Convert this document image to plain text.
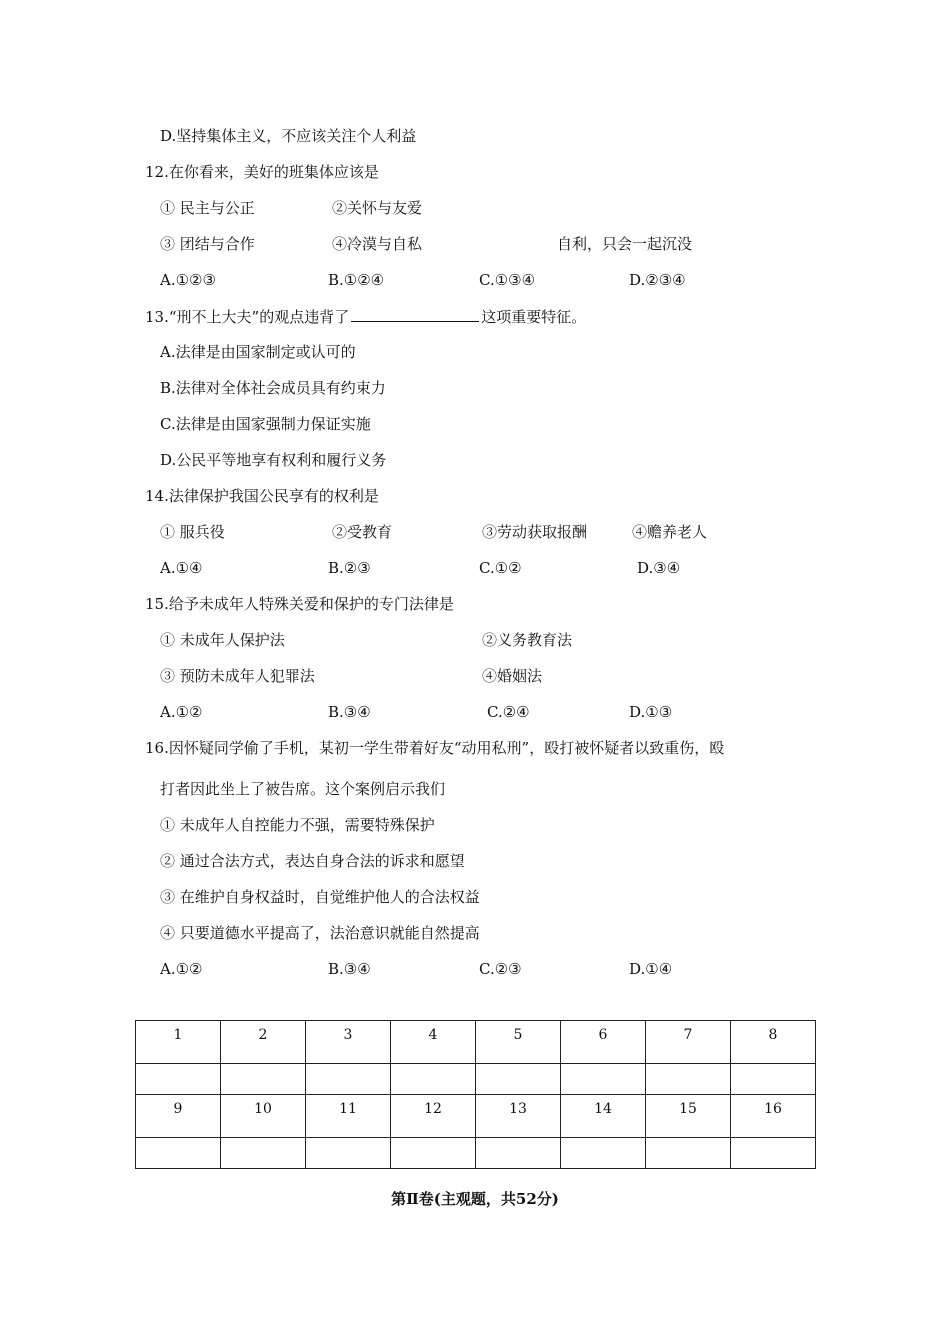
D.坚持集体主义，不应该关注个人利益
12.在你看来，美好的班集体应该是
① 民主与公正	②关怀与友爱
③ 团结与合作	④冷漠与自私	自利，只会一起沉没
A.①②③	B.①②④	C.①③④	D.②③④
13.“刑不上大夫”的观点违背了	这项重要特征。
A.法律是由国家制定或认可的
B.法律对全体社会成员具有约束力
C.法律是由国家强制力保证实施
D.公民平等地享有权利和履行义务
14.法律保护我国公民享有的权利是
① 服兵役	②受教育	③劳动获取报酬	④赡养老人
A.①④	B.②③	C.①②	D.③④
15.给予未成年人特殊关爱和保护的专门法律是
① 未成年人保护法	②义务教育法
③ 预防未成年人犯罪法	④婚姻法
A.①②	B.③④	C.②④	D.①③
16.因怀疑同学偷了手机，某初一学生带着好友“动用私刑”，殴打被怀疑者以致重伤，殴
打者因此坐上了被告席。这个案例启示我们
① 未成年人自控能力不强，需要特殊保护
② 通过合法方式，表达自身合法的诉求和愿望
③ 在维护自身权益时，自觉维护他人的合法权益
④ 只要道德水平提高了，法治意识就能自然提高
A.①②	B.③④	C.②③	D.①④
1	2	3	4	5	6	7	8

9	10	11	12	13	14	15	16

第Ⅱ卷(主观题，共52分)
